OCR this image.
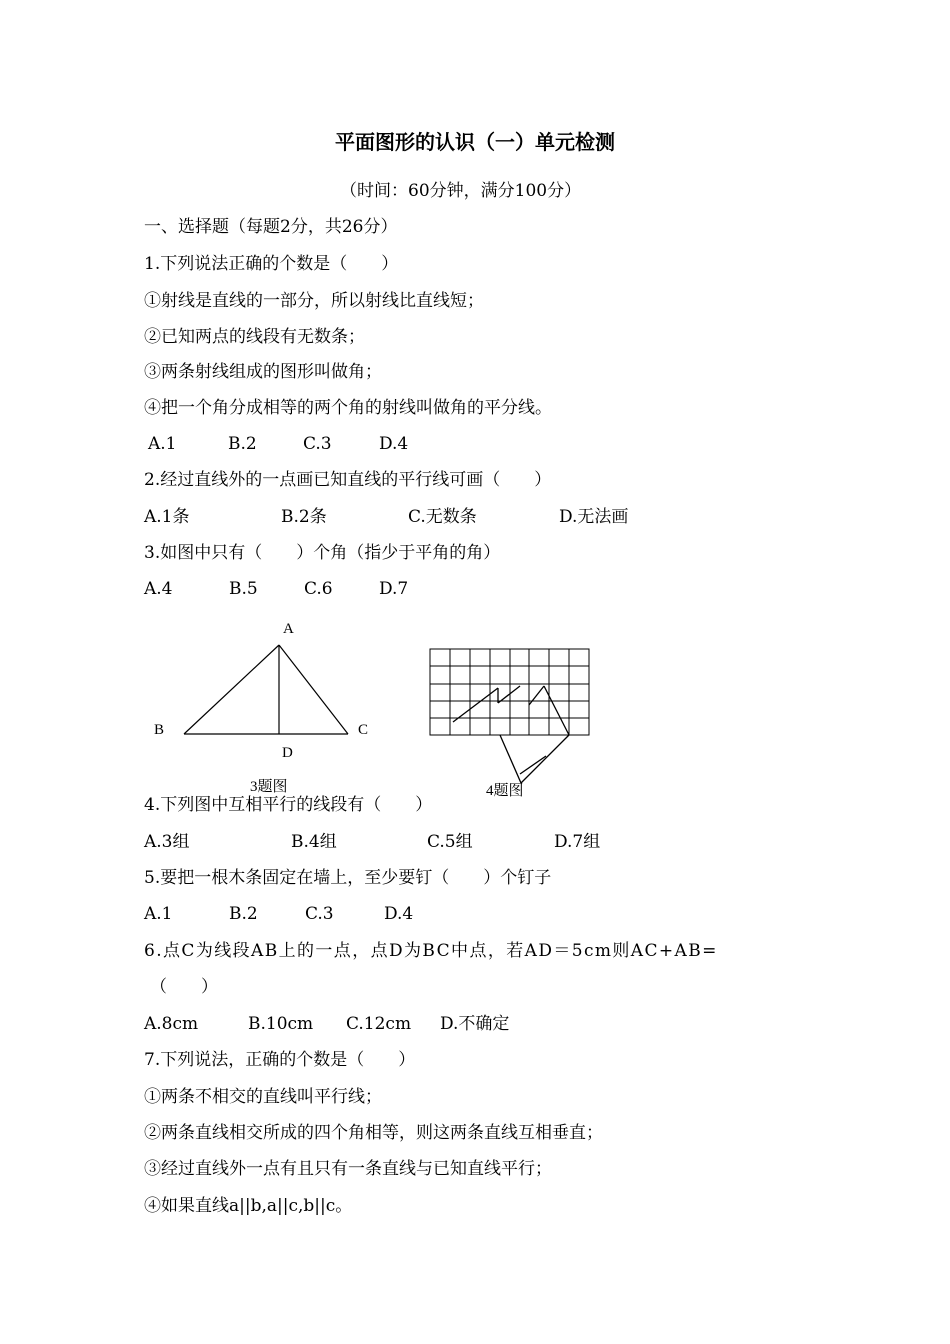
平面图形的认识（一）单元检测
（时间：60分钟，满分100分）
一、选择题（每题2分，共26分）
1.下列说法正确的个数是（　　）
①射线是直线的一部分，所以射线比直线短；
②已知两点的线段有无数条；
③两条射线组成的图形叫做角；
④把一个角分成相等的两个角的射线叫做角的平分线。
A.1	B.2	C.3	D.4
2.经过直线外的一点画已知直线的平行线可画（　　）
A.1条	B.2条	C.无数条	D.无法画
3.如图中只有（　　）个角（指少于平角的角）
A.4	B.5	C.6	D.7
A
B	C
D
3题图	4题图
4.下列图中互相平行的线段有（　　）
A.3组	B.4组	C.5组	D.7组
5.要把一根木条固定在墙上，至少要钉（　　）个钉子
A.1	B.2	C.3	D.4
6.点C为线段AB上的一点，点D为BC中点，若AD＝5cm则AC+AB=
（　　）
A.8cm	B.10cm C.12cm D.不确定
7.下列说法，正确的个数是（　　）
①两条不相交的直线叫平行线；
②两条直线相交所成的四个角相等，则这两条直线互相垂直；
③经过直线外一点有且只有一条直线与已知直线平行；
④如果直线a||b,a||c,b||c。
